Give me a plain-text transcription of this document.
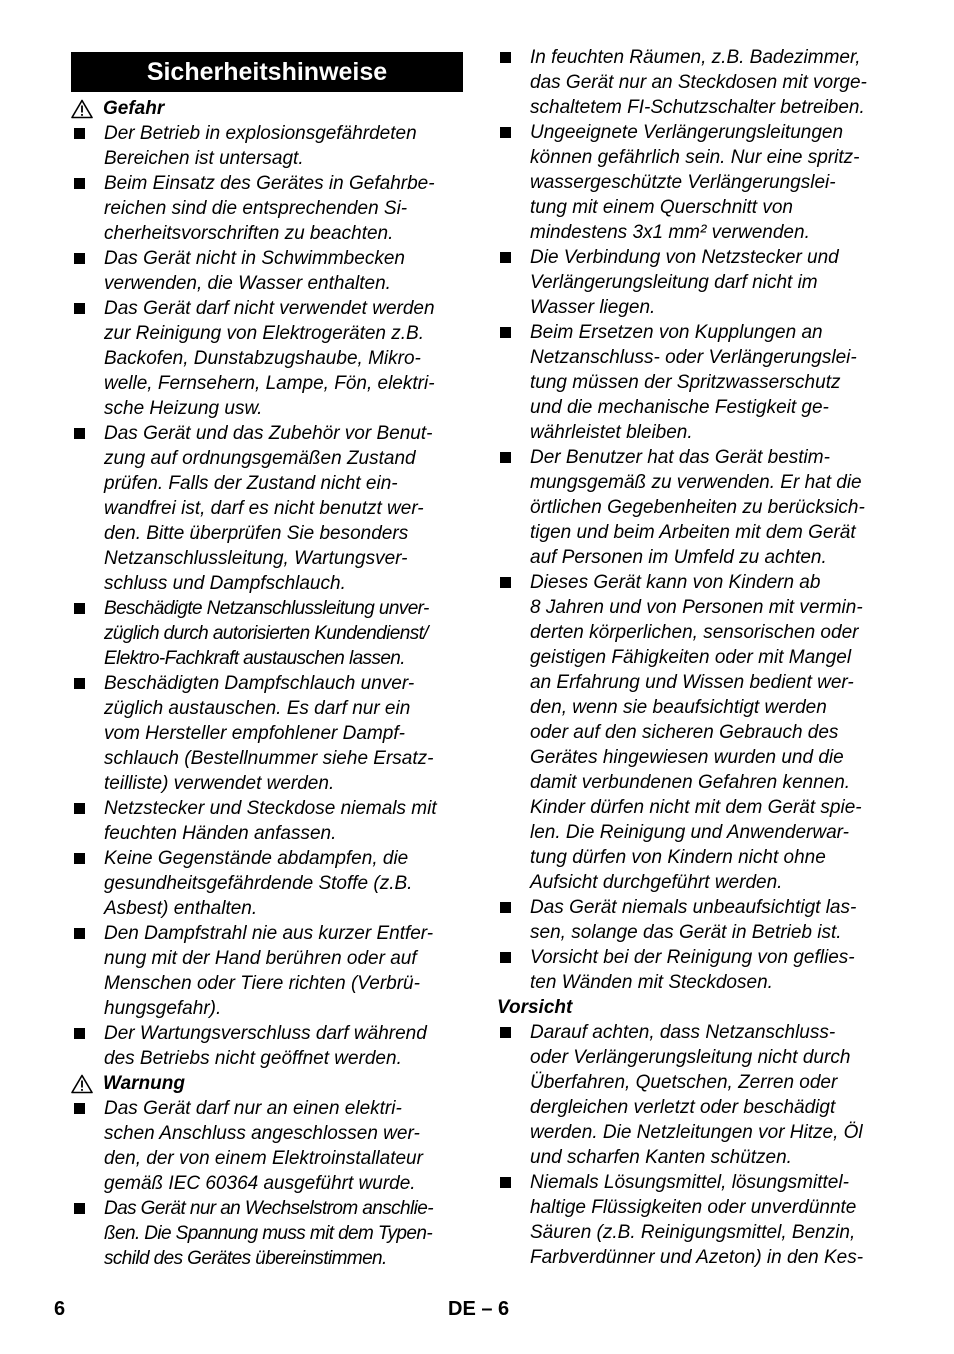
Sicherheitshinweise
Gefahr
Der Betrieb in explosionsgefährdeten
Bereichen ist untersagt.
Beim Einsatz des Gerätes in Gefahrbe-
reichen sind die entsprechenden Si-
cherheitsvorschriften zu beachten.
Das Gerät nicht in Schwimmbecken
verwenden, die Wasser enthalten.
Das Gerät darf nicht verwendet werden
zur Reinigung von Elektrogeräten z.B.
Backofen, Dunstabzugshaube, Mikro-
welle, Fernsehern, Lampe, Fön, elektri-
sche Heizung usw.
Das Gerät und das Zubehör vor Benut-
zung auf ordnungsgemäßen Zustand
prüfen. Falls der Zustand nicht ein-
wandfrei ist, darf es nicht benutzt wer-
den. Bitte überprüfen Sie besonders
Netzanschlussleitung, Wartungsver-
schluss und Dampfschlauch.
Beschädigte Netzanschlussleitung unver-
züglich durch autorisierten Kundendienst/
Elektro-Fachkraft austauschen lassen.
Beschädigten Dampfschlauch unver-
züglich austauschen. Es darf nur ein
vom Hersteller empfohlener Dampf-
schlauch (Bestellnummer siehe Ersatz-
teilliste) verwendet werden.
Netzstecker und Steckdose niemals mit
feuchten Händen anfassen.
Keine Gegenstände abdampfen, die
gesundheitsgefährdende Stoffe (z.B.
Asbest) enthalten.
Den Dampfstrahl nie aus kurzer Entfer-
nung mit der Hand berühren oder auf
Menschen oder Tiere richten (Verbrü-
hungsgefahr).
Der Wartungsverschluss darf während
des Betriebs nicht geöffnet werden.
Warnung
Das Gerät darf nur an einen elektri-
schen Anschluss angeschlossen wer-
den, der von einem Elektroinstallateur
gemäß IEC 60364 ausgeführt wurde.
Das Gerät nur an Wechselstrom anschlie-
ßen. Die Spannung muss mit dem Typen-
schild des Gerätes übereinstimmen.
In feuchten Räumen, z.B. Badezimmer,
das Gerät nur an Steckdosen mit vorge-
schaltetem FI-Schutzschalter betreiben.
Ungeeignete Verlängerungsleitungen
können gefährlich sein. Nur eine spritz-
wassergeschützte Verlängerungslei-
tung mit einem Querschnitt von
mindestens 3x1 mm² verwenden.
Die Verbindung von Netzstecker und
Verlängerungsleitung darf nicht im
Wasser liegen.
Beim Ersetzen von Kupplungen an
Netzanschluss- oder Verlängerungslei-
tung müssen der Spritzwasserschutz
und die mechanische Festigkeit ge-
währleistet bleiben.
Der Benutzer hat das Gerät bestim-
mungsgemäß zu verwenden. Er hat die
örtlichen Gegebenheiten zu berücksich-
tigen und beim Arbeiten mit dem Gerät
auf Personen im Umfeld zu achten.
Dieses Gerät kann von Kindern ab
8 Jahren und von Personen mit vermin-
derten körperlichen, sensorischen oder
geistigen Fähigkeiten oder mit Mangel
an Erfahrung und Wissen bedient wer-
den, wenn sie beaufsichtigt werden
oder auf den sicheren Gebrauch des
Gerätes hingewiesen wurden und die
damit verbundenen Gefahren kennen.
Kinder dürfen nicht mit dem Gerät spie-
len. Die Reinigung und Anwenderwar-
tung dürfen von Kindern nicht ohne
Aufsicht durchgeführt werden.
Das Gerät niemals unbeaufsichtigt las-
sen, solange das Gerät in Betrieb ist.
Vorsicht bei der Reinigung von geflies-
ten Wänden mit Steckdosen.
Vorsicht
Darauf achten, dass Netzanschluss-
oder Verlängerungsleitung nicht durch
Überfahren, Quetschen, Zerren oder
dergleichen verletzt oder beschädigt
werden. Die Netzleitungen vor Hitze, Öl
und scharfen Kanten schützen.
Niemals Lösungsmittel, lösungsmittel-
haltige Flüssigkeiten oder unverdünnte
Säuren (z.B. Reinigungsmittel, Benzin,
Farbverdünner und Azeton) in den Kes-
6	DE – 6
